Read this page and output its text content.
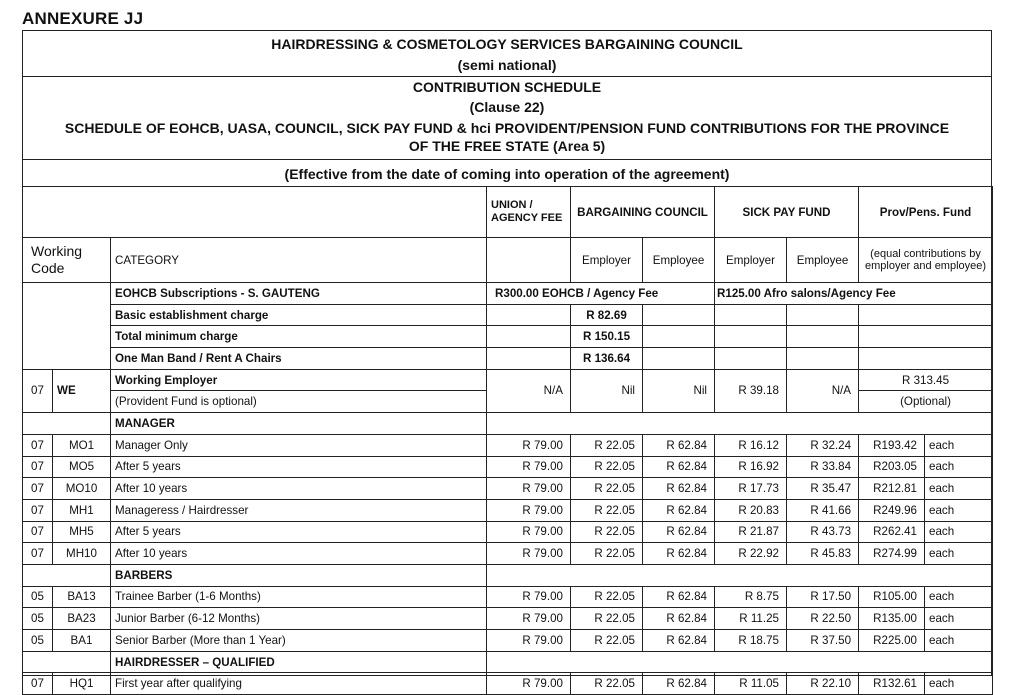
ANNEXURE JJ
HAIRDRESSING & COSMETOLOGY SERVICES BARGAINING COUNCIL
(semi national)
CONTRIBUTION SCHEDULE
(Clause 22)
SCHEDULE OF EOHCB, UASA, COUNCIL, SICK PAY FUND & hci PROVIDENT/PENSION FUND CONTRIBUTIONS FOR THE PROVINCE
OF THE FREE STATE (Area 5)
(Effective from the date of coming into operation of the agreement)
			UNION / AGENCY FEE	BARGAINING COUNCIL		SICK PAY FUND		Prov/Pens. Fund	
Working Code		CATEGORY		Employer	Employee	Employer	Employee	(equal contributions by employer and employee)	
		EOHCB Subscriptions - S. GAUTENG	R300.00 EOHCB / Agency Fee			R125.00 Afro salons/Agency Fee			
		Basic establishment charge		R 82.69					
		Total minimum charge		R 150.15					
		One Man Band / Rent A Chairs		R 136.64					
07	WE	Working Employer	N/A	Nil	Nil	R 39.18	N/A	R 313.45	
		(Provident Fund is optional)						(Optional)	
		MANAGER							
07	MO1	Manager Only	R 79.00	R 22.05	R 62.84	R 16.12	R 32.24	R193.42	each
07	MO5	After 5 years	R 79.00	R 22.05	R 62.84	R 16.92	R 33.84	R203.05	each
07	MO10	After 10 years	R 79.00	R 22.05	R 62.84	R 17.73	R 35.47	R212.81	each
07	MH1	Manageress / Hairdresser	R 79.00	R 22.05	R 62.84	R 20.83	R 41.66	R249.96	each
07	MH5	After 5 years	R 79.00	R 22.05	R 62.84	R 21.87	R 43.73	R262.41	each
07	MH10	After 10 years	R 79.00	R 22.05	R 62.84	R 22.92	R 45.83	R274.99	each
		BARBERS							
05	BA13	Trainee Barber (1-6 Months)	R 79.00	R 22.05	R 62.84	R 8.75	R 17.50	R105.00	each
05	BA23	Junior Barber (6-12 Months)	R 79.00	R 22.05	R 62.84	R 11.25	R 22.50	R135.00	each
05	BA1	Senior Barber (More than 1 Year)	R 79.00	R 22.05	R 62.84	R 18.75	R 37.50	R225.00	each
		HAIRDRESSER – QUALIFIED							
07	HQ1	First year after qualifying	R 79.00	R 22.05	R 62.84	R 11.05	R 22.10	R132.61	each
